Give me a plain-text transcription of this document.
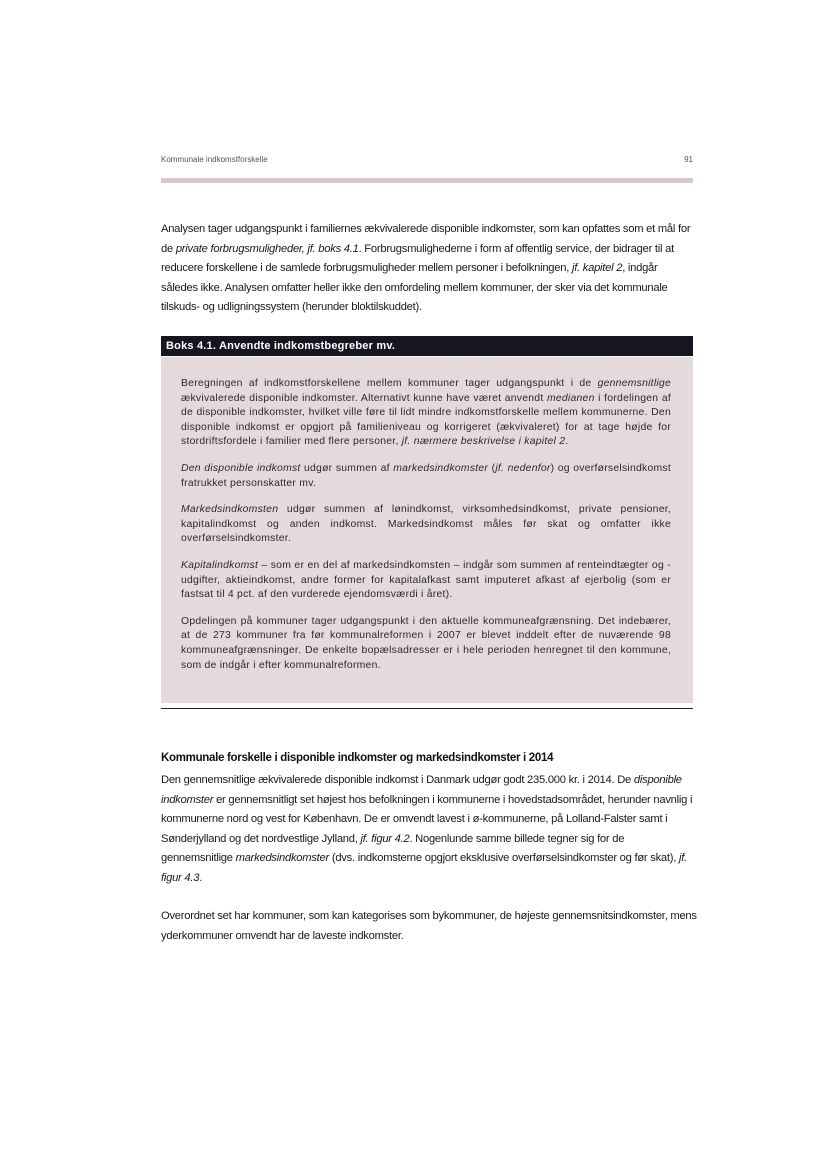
Kommunale indkomstforskelle	91

Analysen tager udgangspunkt i familiernes ækvivalerede disponible indkomster, som kan opfattes som et mål for de private forbrugsmuligheder, jf. boks 4.1. Forbrugsmulighederne i form af offentlig service, der bidrager til at reducere forskellene i de samlede forbrugsmuligheder mellem personer i befolkningen, jf. kapitel 2, indgår således ikke. Analysen omfatter heller ikke den omfordeling mellem kommuner, der sker via det kommunale tilskuds- og udligningssystem (herunder bloktilskuddet).

Boks 4.1. Anvendte indkomstbegreber mv.

Beregningen af indkomstforskellene mellem kommuner tager udgangspunkt i de gennemsnitlige ækvivalerede disponible indkomster. Alternativt kunne have været anvendt medianen i fordelingen af de disponible indkomster, hvilket ville føre til lidt mindre indkomstforskelle mellem kommunerne. Den disponible indkomst er opgjort på familieniveau og korrigeret (ækvivaleret) for at tage højde for stordriftsfordele i familier med flere personer, jf. nærmere beskrivelse i kapitel 2.

Den disponible indkomst udgør summen af markedsindkomster (jf. nedenfor) og overførselsindkomst fratrukket personskatter mv.

Markedsindkomsten udgør summen af lønindkomst, virksomhedsindkomst, private pensioner, kapitalindkomst og anden indkomst. Markedsindkomst måles før skat og omfatter ikke overførselsindkomster.

Kapitalindkomst – som er en del af markedsindkomsten – indgår som summen af renteindtægter og -udgifter, aktieindkomst, andre former for kapitalafkast samt imputeret afkast af ejerbolig (som er fastsat til 4 pct. af den vurderede ejendomsværdi i året).

Opdelingen på kommuner tager udgangspunkt i den aktuelle kommuneafgrænsning. Det indebærer, at de 273 kommuner fra før kommunalreformen i 2007 er blevet inddelt efter de nuværende 98 kommuneafgrænsninger. De enkelte bopælsadresser er i hele perioden henregnet til den kommune, som de indgår i efter kommunalreformen.

Kommunale forskelle i disponible indkomster og markedsindkomster i 2014

Den gennemsnitlige ækvivalerede disponible indkomst i Danmark udgør godt 235.000 kr. i 2014. De disponible indkomster er gennemsnitligt set højest hos befolkningen i kommunerne i hovedstadsområdet, herunder navnlig i kommunerne nord og vest for København. De er omvendt lavest i ø-kommunerne, på Lolland-Falster samt i Sønderjylland og det nordvestlige Jylland, jf. figur 4.2. Nogenlunde samme billede tegner sig for de gennemsnitlige markedsindkomster (dvs. indkomsterne opgjort eksklusive overførselsindkomster og før skat), jf. figur 4.3.

Overordnet set har kommuner, som kan kategorises som bykommuner, de højeste gennemsnitsindkomster, mens yderkommuner omvendt har de laveste indkomster.
